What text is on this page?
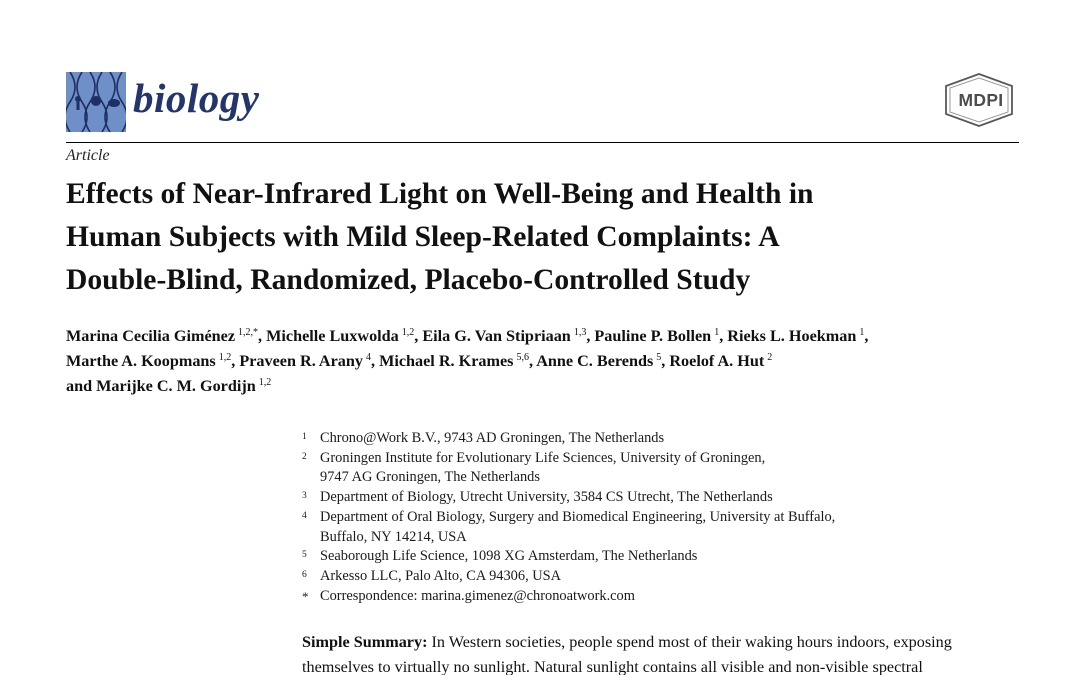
biology	MDPI
Article
Effects of Near-Infrared Light on Well-Being and Health in
Human Subjects with Mild Sleep-Related Complaints: A
Double-Blind, Randomized, Placebo-Controlled Study
Marina Cecilia Giménez $^{1,2,*}$, Michelle Luxwolda $^{1,2}$, Eila G. Van Stipriaan $^{1,3}$, Pauline P. Bollen $^1$, Rieks L. Hoekman $^1$,
Marthe A. Koopmans $^{1,2}$, Praveen R. Arany $^4$, Michael R. Krames $^{5,6}$, Anne C. Berends $^5$, Roelof A. Hut $^2$
and Marijke C. M. Gordijn $^{1,2}$
1 Chrono@Work B.V., 9743 AD Groningen, The Netherlands
2 Groningen Institute for Evolutionary Life Sciences, University of Groningen,
9747 AG Groningen, The Netherlands
3 Department of Biology, Utrecht University, 3584 CS Utrecht, The Netherlands
4 Department of Oral Biology, Surgery and Biomedical Engineering, University at Buffalo,
Buffalo, NY 14214, USA
5 Seaborough Life Science, 1098 XG Amsterdam, The Netherlands
6 Arkesso LLC, Palo Alto, CA 94306, USA
* Correspondence: marina.gimenez@chronoatwork.com
Simple Summary: In Western societies, people spend most of their waking hours indoors, exposing
themselves to virtually no sunlight. Natural sunlight contains all visible and non-visible spectral
